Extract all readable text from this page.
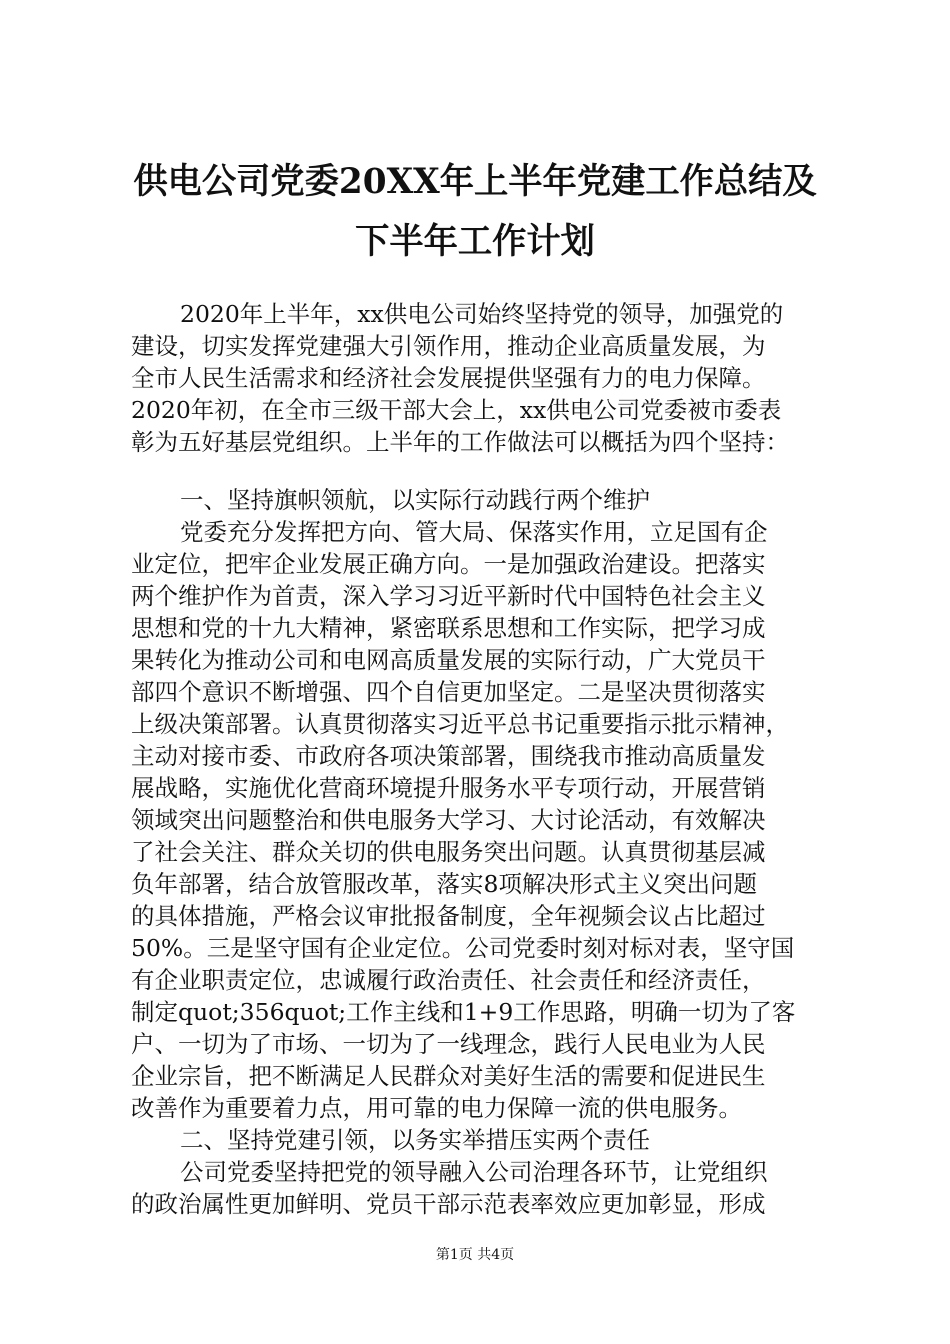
供电公司党委20XX年上半年党建工作总结及
下半年工作计划
2020年上半年，xx供电公司始终坚持党的领导，加强党的
建设，切实发挥党建强大引领作用，推动企业高质量发展，为
全市人民生活需求和经济社会发展提供坚强有力的电力保障。
2020年初，在全市三级干部大会上，xx供电公司党委被市委表
彰为五好基层党组织。上半年的工作做法可以概括为四个坚持：
一、坚持旗帜领航，以实际行动践行两个维护
党委充分发挥把方向、管大局、保落实作用，立足国有企
业定位，把牢企业发展正确方向。一是加强政治建设。把落实
两个维护作为首责，深入学习习近平新时代中国特色社会主义
思想和党的十九大精神，紧密联系思想和工作实际，把学习成
果转化为推动公司和电网高质量发展的实际行动，广大党员干
部四个意识不断增强、四个自信更加坚定。二是坚决贯彻落实
上级决策部署。认真贯彻落实习近平总书记重要指示批示精神，
主动对接市委、市政府各项决策部署，围绕我市推动高质量发
展战略，实施优化营商环境提升服务水平专项行动，开展营销
领域突出问题整治和供电服务大学习、大讨论活动，有效解决
了社会关注、群众关切的供电服务突出问题。认真贯彻基层减
负年部署，结合放管服改革，落实8项解决形式主义突出问题
的具体措施，严格会议审批报备制度，全年视频会议占比超过
50%。三是坚守国有企业定位。公司党委时刻对标对表，坚守国
有企业职责定位，忠诚履行政治责任、社会责任和经济责任，
制定quot;356quot;工作主线和1+9工作思路，明确一切为了客
户、一切为了市场、一切为了一线理念，践行人民电业为人民
企业宗旨，把不断满足人民群众对美好生活的需要和促进民生
改善作为重要着力点，用可靠的电力保障一流的供电服务。
二、坚持党建引领，以务实举措压实两个责任
公司党委坚持把党的领导融入公司治理各环节，让党组织
的政治属性更加鲜明、党员干部示范表率效应更加彰显，形成
第1页 共4页
